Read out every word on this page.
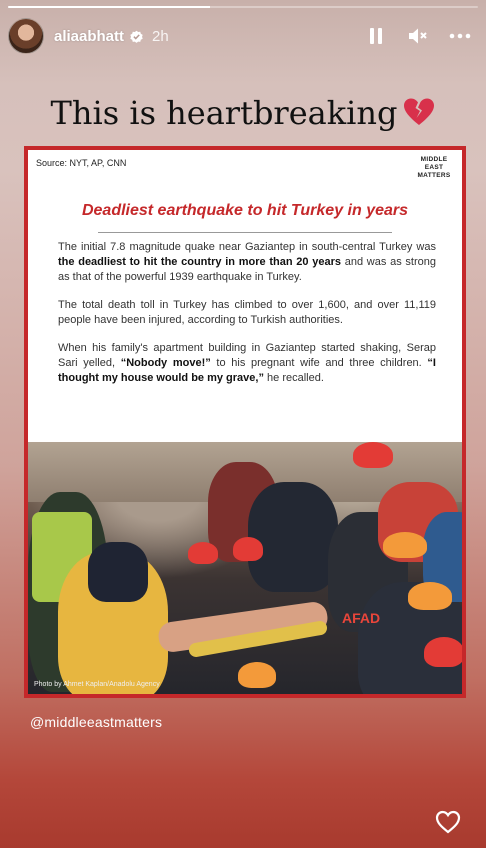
aliaabhatt 2h
This is heartbreaking
Source: NYT, AP, CNN	MIDDLE
EAST
MATTERS
Deadliest earthquake to hit Turkey in years

The initial 7.8 magnitude quake near Gaziantep in south-central Turkey was the deadliest to hit the country in more than 20 years and was as strong as that of the powerful 1939 earthquake in Turkey.

The total death toll in Turkey has climbed to over 1,600, and over 11,119 people have been injured, according to Turkish authorities.

When his family's apartment building in Gaziantep started shaking, Serap Sari yelled, “Nobody move!” to his pregnant wife and three children. “I thought my house would be my grave,” he recalled.

AFAD
Photo by Ahmet Kaplan/Anadolu Agency
@middleeastmatters
